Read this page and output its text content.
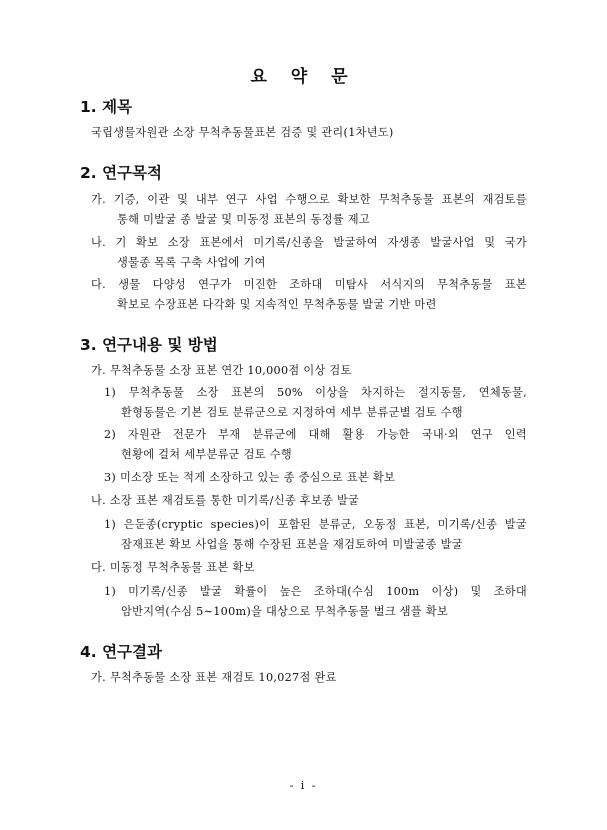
요 약 문
1. 제목
국립생물자원관 소장 무척추동물표본 검증 및 관리(1차년도)
2. 연구목적
가. 기증, 이관 및 내부 연구 사업 수행으로 확보한 무척추동물 표본의 재검토를
통해 미발굴 종 발굴 및 미동정 표본의 동정률 제고
나. 기 확보 소장 표본에서 미기록/신종을 발굴하여 자생종 발굴사업 및 국가
생물종 목록 구축 사업에 기여
다. 생물 다양성 연구가 미진한 조하대 미탐사 서식지의 무척추동물 표본
확보로 수장표본 다각화 및 지속적인 무척추동물 발굴 기반 마련
3. 연구내용 및 방법
가. 무척추동물 소장 표본 연간 10,000점 이상 검토
1) 무척추동물 소장 표본의 50% 이상을 차지하는 절지동물, 연체동물,
환형동물은 기본 검토 분류군으로 지정하여 세부 분류군별 검토 수행
2) 자원관 전문가 부재 분류군에 대해 활용 가능한 국내·외 연구 인력
현황에 걸쳐 세부분류군 검토 수행
3) 미소장 또는 적게 소장하고 있는 종 중심으로 표본 확보
나. 소장 표본 재검토를 통한 미기록/신종 후보종 발굴
1) 은둔종(cryptic species)이 포함된 분류군, 오동정 표본, 미기록/신종 발굴
잠재표본 확보 사업을 통해 수장된 표본을 재검토하여 미발굴종 발굴
다. 미동정 무척추동물 표본 확보
1) 미기록/신종 발굴 확률이 높은 조하대(수심 100m 이상) 및 조하대
암반지역(수심 5∼100m)을 대상으로 무척추동물 벌크 샘플 확보
4. 연구결과
가. 무척추동물 소장 표본 재검토 10,027점 완료
- i -
